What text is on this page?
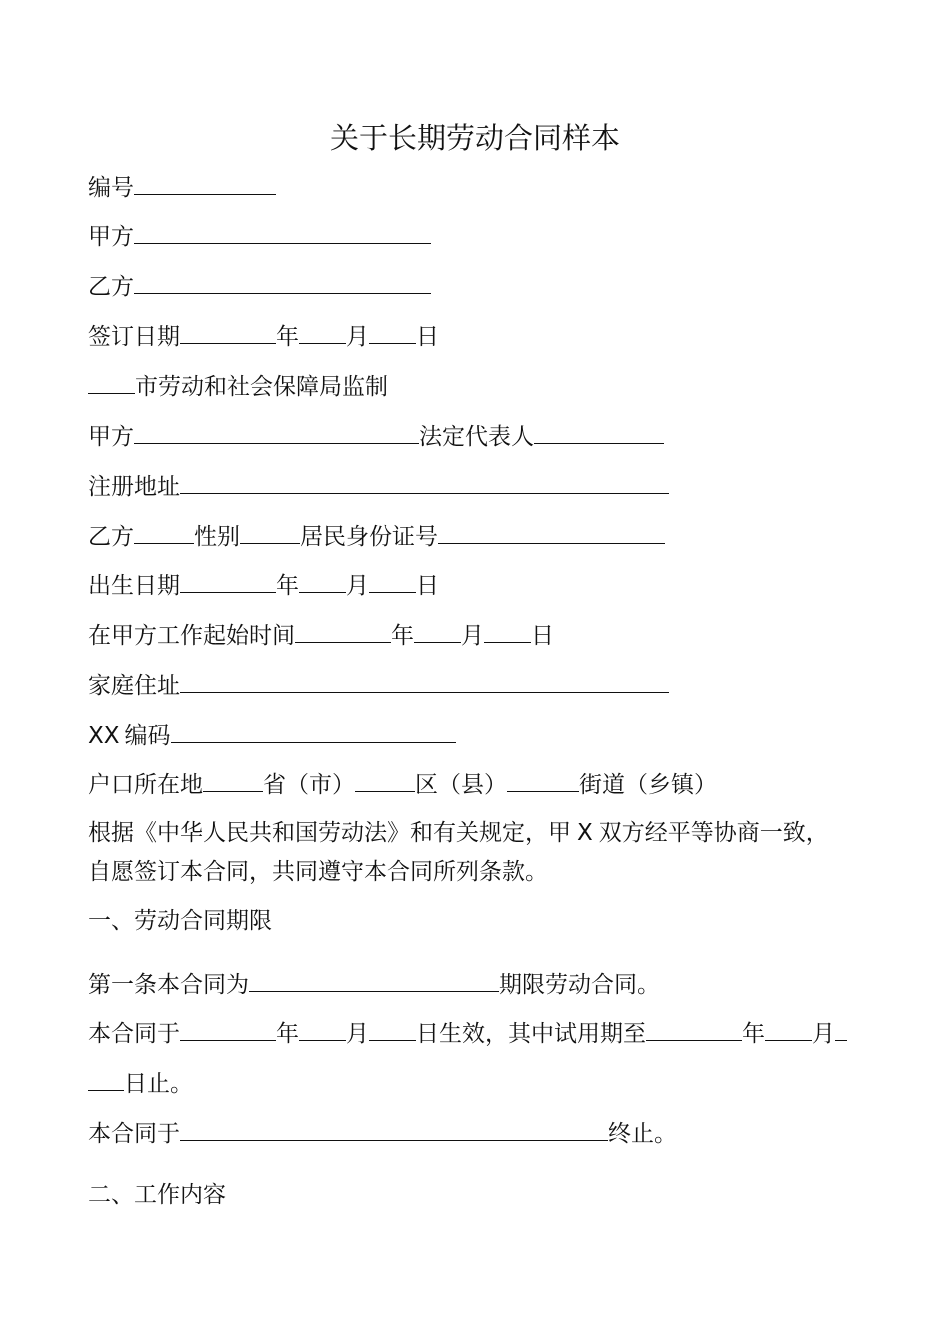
关于长期劳动合同样本
编号
甲方
乙方
签订日期	年 月 日
市劳动和社会保障局监制
甲方	法定代表人
注册地址
乙方	性别	居民身份证号
出生日期	年 月 日
在甲方工作起始时间	年 月 日
家庭住址
XX 编码
户口所在地	省（市）	区（县）	街道（乡镇）
根据《中华人民共和国劳动法》和有关规定，甲 X 双方经平等协商一致，
自愿签订本合同，共同遵守本合同所列条款。
一、劳动合同期限
第一条本合同为	期限劳动合同。
本合同于	年 月 日生效，其中试用期至	年 月
日止。
本合同于	终止。
二、工作内容
